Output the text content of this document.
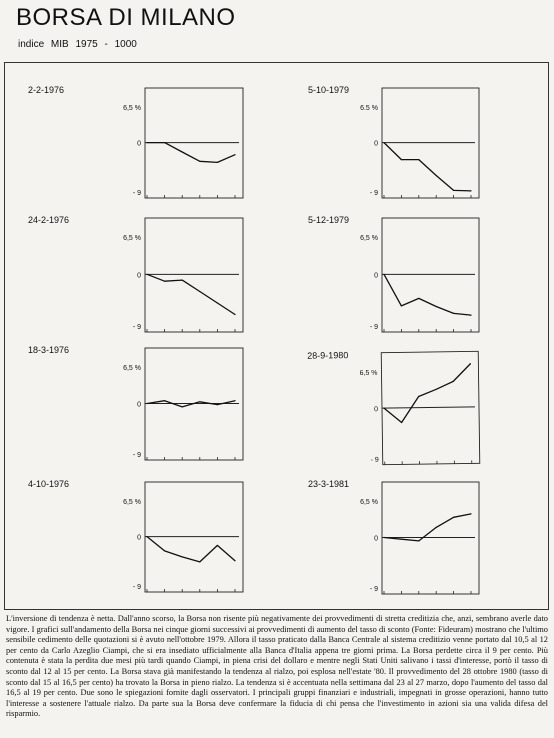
BORSA DI MILANO
indice MIB 1975 - 1000
2-2-1976
6,5 %
0
- 9
5-10-1979
6.5 %
0
- 9
24-2-1976
6,5 %
0
- 9
5-12-1979
6,5 %
0
- 9
18-3-1976
6,5 %
0
- 9
28-9-1980
6,5 %
0
- 9
4-10-1976
6,5 %
0
- 9
23-3-1981
6,5 %
0
- 9

L'inversione di tendenza è netta. Dall'anno scorso, la Borsa non risente più negativamente dei provvedimenti di stretta creditizia che, anzi, sembrano averle dato vigore. I grafici sull'andamento della Borsa nei cinque giorni successivi ai provvedimenti di aumento del tasso di sconto (Fonte: Fideuram) mostrano che l'ultimo sensibile cedimento delle quotazioni si è avuto nell'ottobre 1979. Allora il tasso praticato dalla Banca Centrale al sistema creditizio venne portato dal 10,5 al 12 per cento da Carlo Azeglio Ciampi, che si era insediato ufficialmente alla Banca d'Italia appena tre giorni prima. La Borsa perdette circa il 9 per cento. Più contenuta è stata la perdita due mesi più tardi quando Ciampi, in piena crisi del dollaro e mentre negli Stati Uniti salivano i tassi d'interesse, portò il tasso di sconto dal 12 al 15 per cento. La Borsa stava già manifestando la tendenza al rialzo, poi esplosa nell'estate '80. Il provvedimento del 28 ottobre 1980 (tasso di sconto dal 15 al 16,5 per cento) ha trovato la Borsa in pieno rialzo. La tendenza si è accentuata nella settimana dal 23 al 27 marzo, dopo l'aumento del tasso dal 16,5 al 19 per cento. Due sono le spiegazioni fornite dagli osservatori. I principali gruppi finanziari e industriali, impegnati in grosse operazioni, hanno tutto l'interesse a sostenere l'attuale rialzo. Da parte sua la Borsa deve confermare la fiducia di chi pensa che l'investimento in azioni sia una valida difesa del risparmio.
